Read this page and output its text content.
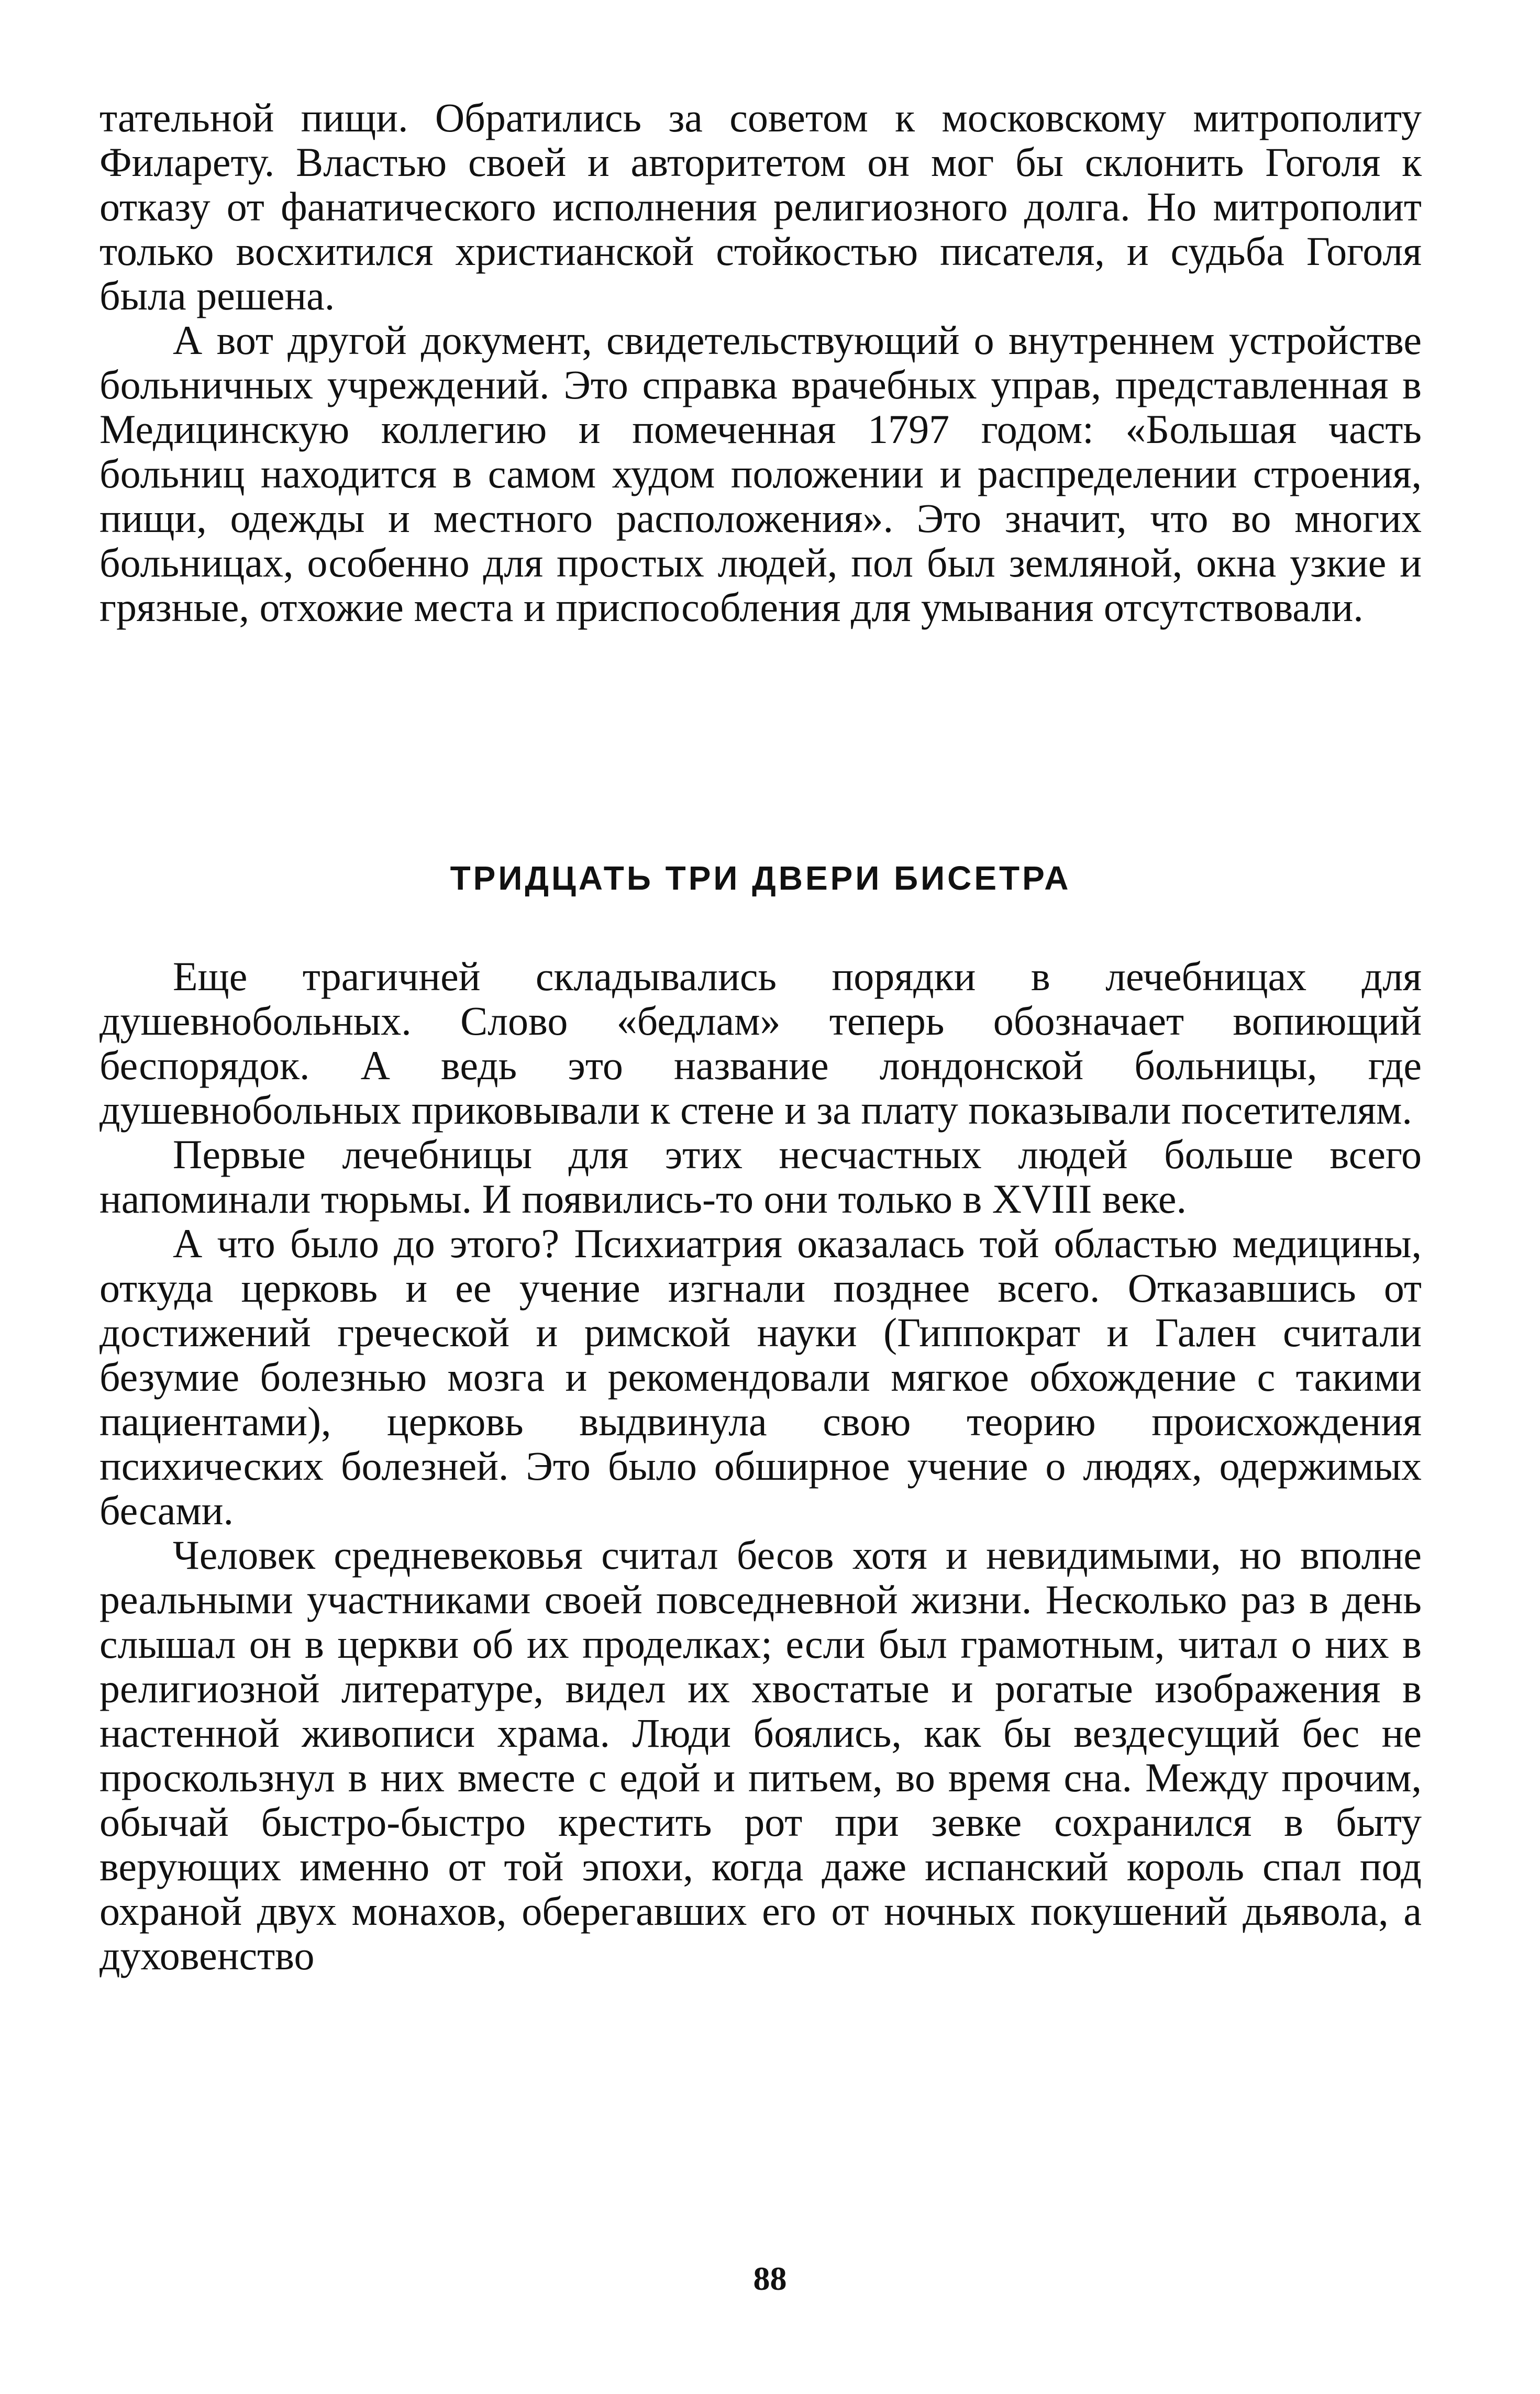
тательной пищи. Обратились за советом к московскому митрополиту Филарету. Властью своей и авторитетом он мог бы склонить Гоголя к отказу от фанатического исполнения религиозного долга. Но митрополит только восхитился христианской стойкостью писателя, и судьба Гоголя была решена.

А вот другой документ, свидетельствующий о внутреннем устройстве больничных учреждений. Это справка врачебных управ, представленная в Медицинскую коллегию и помеченная 1797 годом: «Большая часть больниц находится в самом худом положении и распределении строения, пищи, одежды и местного расположения». Это значит, что во многих больницах, особенно для простых людей, пол был земляной, окна узкие и грязные, отхожие места и приспособления для умывания отсутствовали.

ТРИДЦАТЬ ТРИ ДВЕРИ БИСЕТРА

Еще трагичней складывались порядки в лечебницах для душевнобольных. Слово «бедлам» теперь обозначает вопиющий беспорядок. А ведь это название лондонской больницы, где душевнобольных приковывали к стене и за плату показывали посетителям.

Первые лечебницы для этих несчастных людей больше всего напоминали тюрьмы. И появились-то они только в XVIII веке.

А что было до этого? Психиатрия оказалась той областью медицины, откуда церковь и ее учение изгнали позднее всего. Отказавшись от достижений греческой и римской науки (Гиппократ и Гален считали безумие болезнью мозга и рекомендовали мягкое обхождение с такими пациентами), церковь выдвинула свою теорию происхождения психических болезней. Это было обширное учение о людях, одержимых бесами.

Человек средневековья считал бесов хотя и невидимыми, но вполне реальными участниками своей повседневной жизни. Несколько раз в день слышал он в церкви об их проделках; если был грамотным, читал о них в религиозной литературе, видел их хвостатые и рогатые изображения в настенной живописи храма. Люди боялись, как бы вездесущий бес не проскользнул в них вместе с едой и питьем, во время сна. Между прочим, обычай быстро-быстро крестить рот при зевке сохранился в быту верующих именно от той эпохи, когда даже испанский король спал под охраной двух монахов, оберегавших его от ночных покушений дьявола, а духовенство

88
